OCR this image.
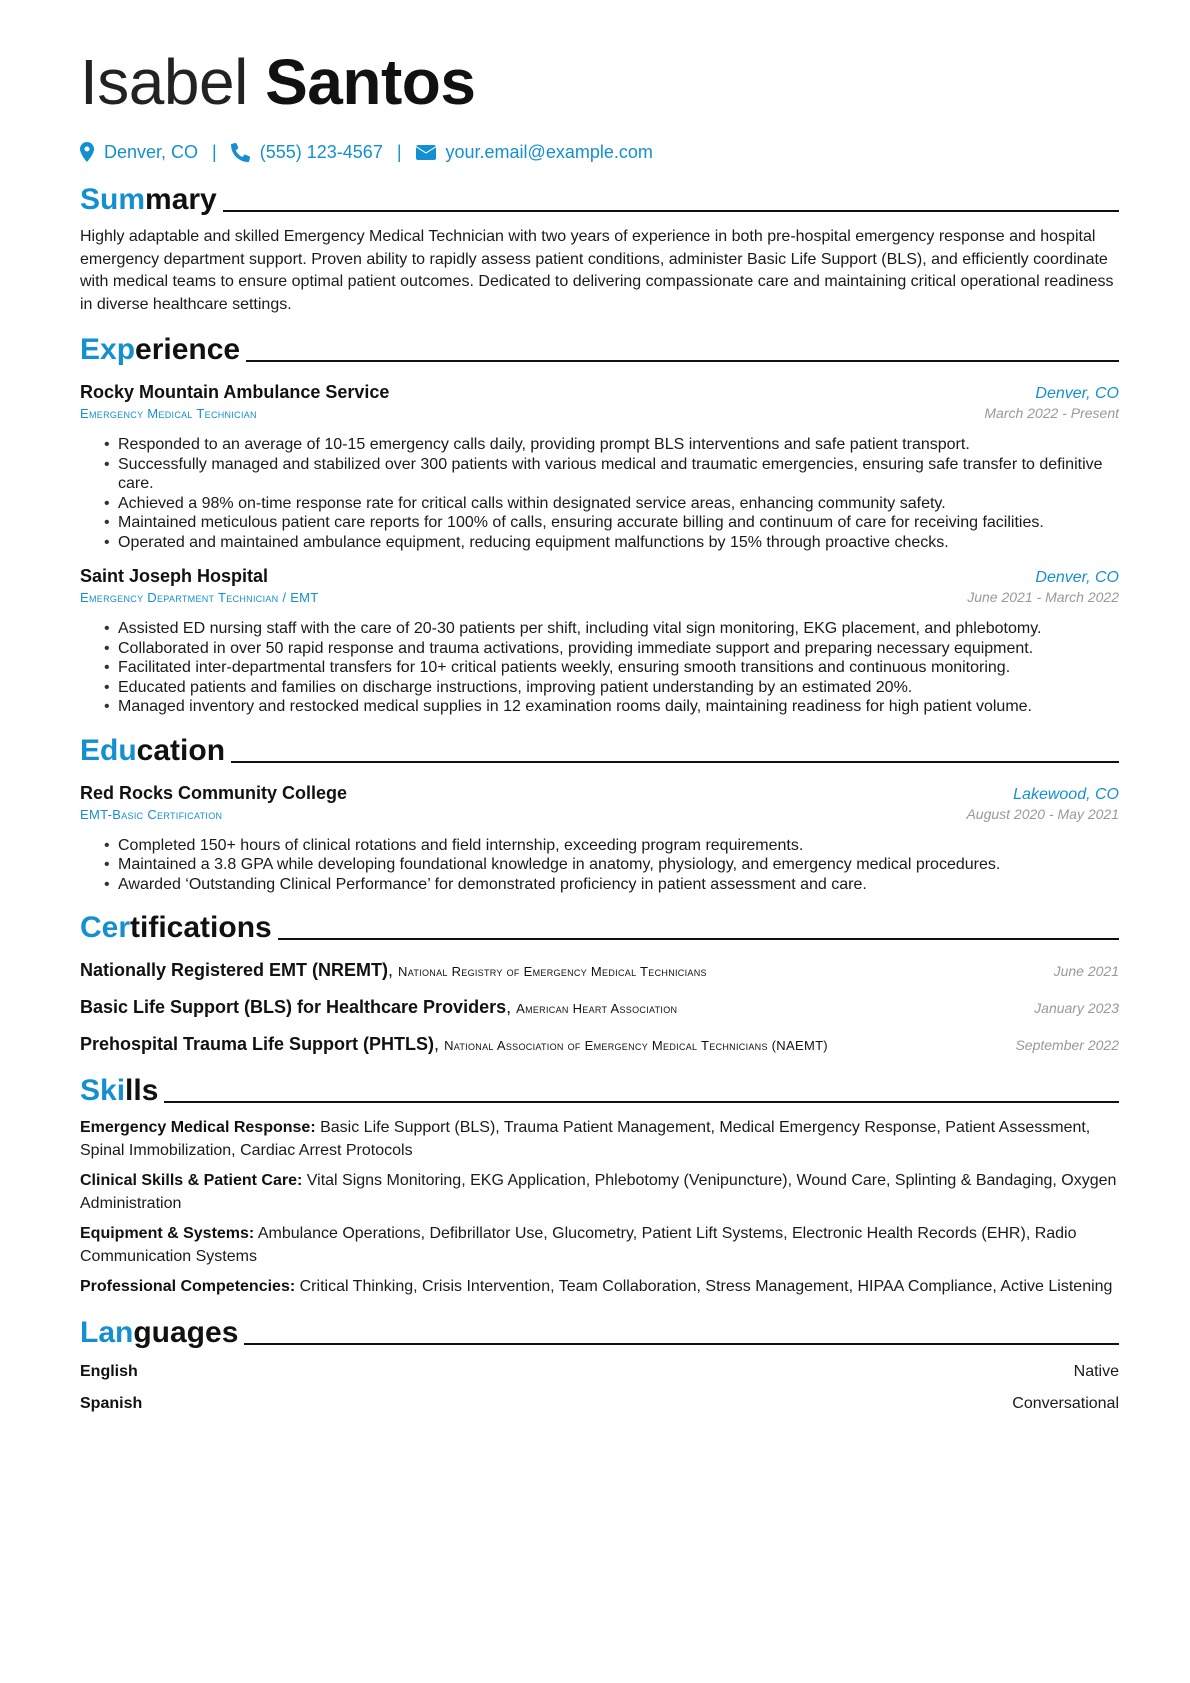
Isabel Santos
Denver, CO | (555) 123-4567 | your.email@example.com
Summary

Highly adaptable and skilled Emergency Medical Technician with two years of experience in both pre-hospital emergency response and hospital emergency department support. Proven ability to rapidly assess patient conditions, administer Basic Life Support (BLS), and efficiently coordinate with medical teams to ensure optimal patient outcomes. Dedicated to delivering compassionate care and maintaining critical operational readiness in diverse healthcare settings.

Experience
Rocky Mountain Ambulance Service	Denver, CO
Emergency Medical Technician	March 2022 - Present
• Responded to an average of 10-15 emergency calls daily, providing prompt BLS interventions and safe patient transport.
• Successfully managed and stabilized over 300 patients with various medical and traumatic emergencies, ensuring safe transfer to definitive care.
• Achieved a 98% on-time response rate for critical calls within designated service areas, enhancing community safety.
• Maintained meticulous patient care reports for 100% of calls, ensuring accurate billing and continuum of care for receiving facilities.
• Operated and maintained ambulance equipment, reducing equipment malfunctions by 15% through proactive checks.
Saint Joseph Hospital	Denver, CO
Emergency Department Technician / EMT	June 2021 - March 2022
• Assisted ED nursing staff with the care of 20-30 patients per shift, including vital sign monitoring, EKG placement, and phlebotomy.
• Collaborated in over 50 rapid response and trauma activations, providing immediate support and preparing necessary equipment.
• Facilitated inter-departmental transfers for 10+ critical patients weekly, ensuring smooth transitions and continuous monitoring.
• Educated patients and families on discharge instructions, improving patient understanding by an estimated 20%.
• Managed inventory and restocked medical supplies in 12 examination rooms daily, maintaining readiness for high patient volume.
Education
Red Rocks Community College	Lakewood, CO
EMT-Basic Certification	August 2020 - May 2021
• Completed 150+ hours of clinical rotations and field internship, exceeding program requirements.
• Maintained a 3.8 GPA while developing foundational knowledge in anatomy, physiology, and emergency medical procedures.
• Awarded ‘Outstanding Clinical Performance’ for demonstrated proficiency in patient assessment and care.
Certifications
Nationally Registered EMT (NREMT), National Registry of Emergency Medical Technicians	June 2021
Basic Life Support (BLS) for Healthcare Providers, American Heart Association	January 2023
Prehospital Trauma Life Support (PHTLS), National Association of Emergency Medical Technicians (NAEMT)	September 2022
Skills

Emergency Medical Response: Basic Life Support (BLS), Trauma Patient Management, Medical Emergency Response, Patient Assessment, Spinal Immobilization, Cardiac Arrest Protocols

Clinical Skills & Patient Care: Vital Signs Monitoring, EKG Application, Phlebotomy (Venipuncture), Wound Care, Splinting & Bandaging, Oxygen Administration

Equipment & Systems: Ambulance Operations, Defibrillator Use, Glucometry, Patient Lift Systems, Electronic Health Records (EHR), Radio Communication Systems

Professional Competencies: Critical Thinking, Crisis Intervention, Team Collaboration, Stress Management, HIPAA Compliance, Active Listening

Languages
English	Native
Spanish	Conversational
